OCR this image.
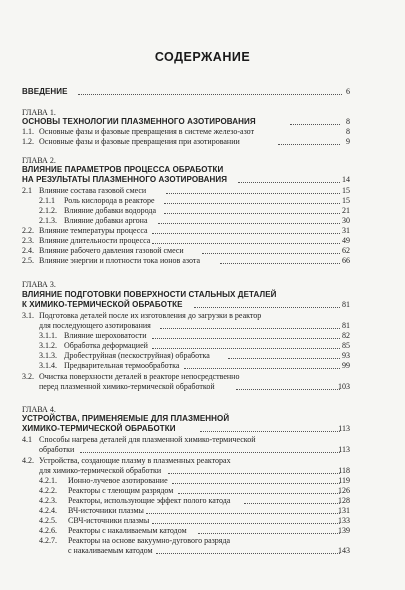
СОДЕРЖАНИЕ
ВВЕДЕНИЕ	6
ГЛАВА 1.
ОСНОВЫ ТЕХНОЛОГИИ ПЛАЗМЕННОГО АЗОТИРОВАНИЯ	8
1.1. Основные фазы и фазовые превращения в системе железо-азот	8
1.2. Основные фазы и фазовые превращения при азотировании	9
ГЛАВА 2.
ВЛИЯНИЕ ПАРАМЕТРОВ ПРОЦЕССА ОБРАБОТКИ
НА РЕЗУЛЬТАТЫ ПЛАЗМЕННОГО АЗОТИРОВАНИЯ	14
2.1 Влияние состава газовой смеси	15
2.1.1 Роль кислорода в реакторе	15
2.1.2. Влияние добавки водорода	21
2.1.3. Влияние добавки аргона	30
2.2. Влияние температуры процесса	31
2.3. Влияние длительности процесса	49
2.4. Влияние рабочего давления газовой смеси	62
2.5. Влияние энергии и плотности тока ионов азота	66
ГЛАВА 3.
ВЛИЯНИЕ ПОДГОТОВКИ ПОВЕРХНОСТИ СТАЛЬНЫХ ДЕТАЛЕЙ
К ХИМИКО-ТЕРМИЧЕСКОЙ ОБРАБОТКЕ	81
3.1. Подготовка деталей после их изготовления до загрузки в реактор
для последующего азотирования	81
3.1.1. Влияние шероховатости	82
3.1.2. Обработка деформацией	85
3.1.3. Дробеструйная (пескоструйная) обработка	93
3.1.4. Предварительная термообработка	99
3.2. Очистка поверхности деталей в реакторе непосредственно
перед плазменной химико-термической обработкой	103
ГЛАВА 4.
УСТРОЙСТВА, ПРИМЕНЯЕМЫЕ ДЛЯ ПЛАЗМЕННОЙ
ХИМИКО-ТЕРМИЧЕСКОЙ ОБРАБОТКИ	113
4.1 Способы нагрева деталей для плазменной химико-термической
обработки	113
4.2. Устройства, создающие плазму в плазменных реакторах
для химико-термической обработки	118
4.2.1. Ионно-лучевое азотирование	119
4.2.2. Реакторы с тлеющим разрядом	126
4.2.3. Реакторы, использующие эффект полого катода	128
4.2.4. ВЧ-источники плазмы	131
4.2.5. СВЧ-источники плазмы	133
4.2.6. Реакторы с накаливаемым катодом	139
4.2.7. Реакторы на основе вакуумно-дугового разряда
с накаливаемым катодом	143
